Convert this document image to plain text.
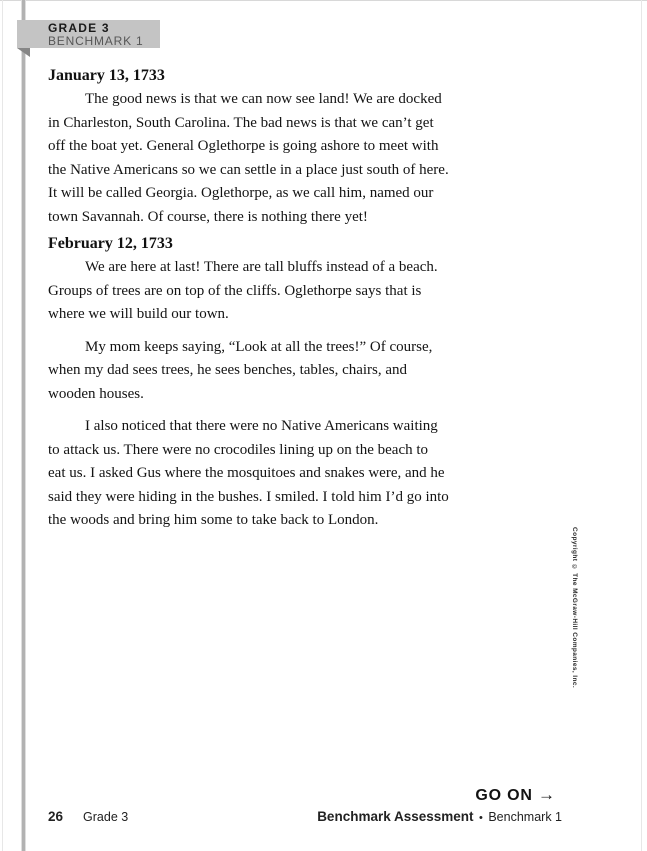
GRADE 3
BENCHMARK 1
January 13, 1733
The good news is that we can now see land! We are docked
in Charleston, South Carolina. The bad news is that we can’t get
off the boat yet. General Oglethorpe is going ashore to meet with
the Native Americans so we can settle in a place just south of here.
It will be called Georgia. Oglethorpe, as we call him, named our
town Savannah. Of course, there is nothing there yet!
February 12, 1733
We are here at last! There are tall bluffs instead of a beach.
Groups of trees are on top of the cliffs. Oglethorpe says that is
where we will build our town.
My mom keeps saying, “Look at all the trees!” Of course,
when my dad sees trees, he sees benches, tables, chairs, and
wooden houses.
I also noticed that there were no Native Americans waiting
to attack us. There were no crocodiles lining up on the beach to
eat us. I asked Gus where the mosquitoes and snakes were, and he
said they were hiding in the bushes. I smiled. I told him I’d go into
the woods and bring him some to take back to London.
Copyright © The McGraw-Hill Companies, Inc.
GO ON →
26 Grade 3	Benchmark Assessment • Benchmark 1
